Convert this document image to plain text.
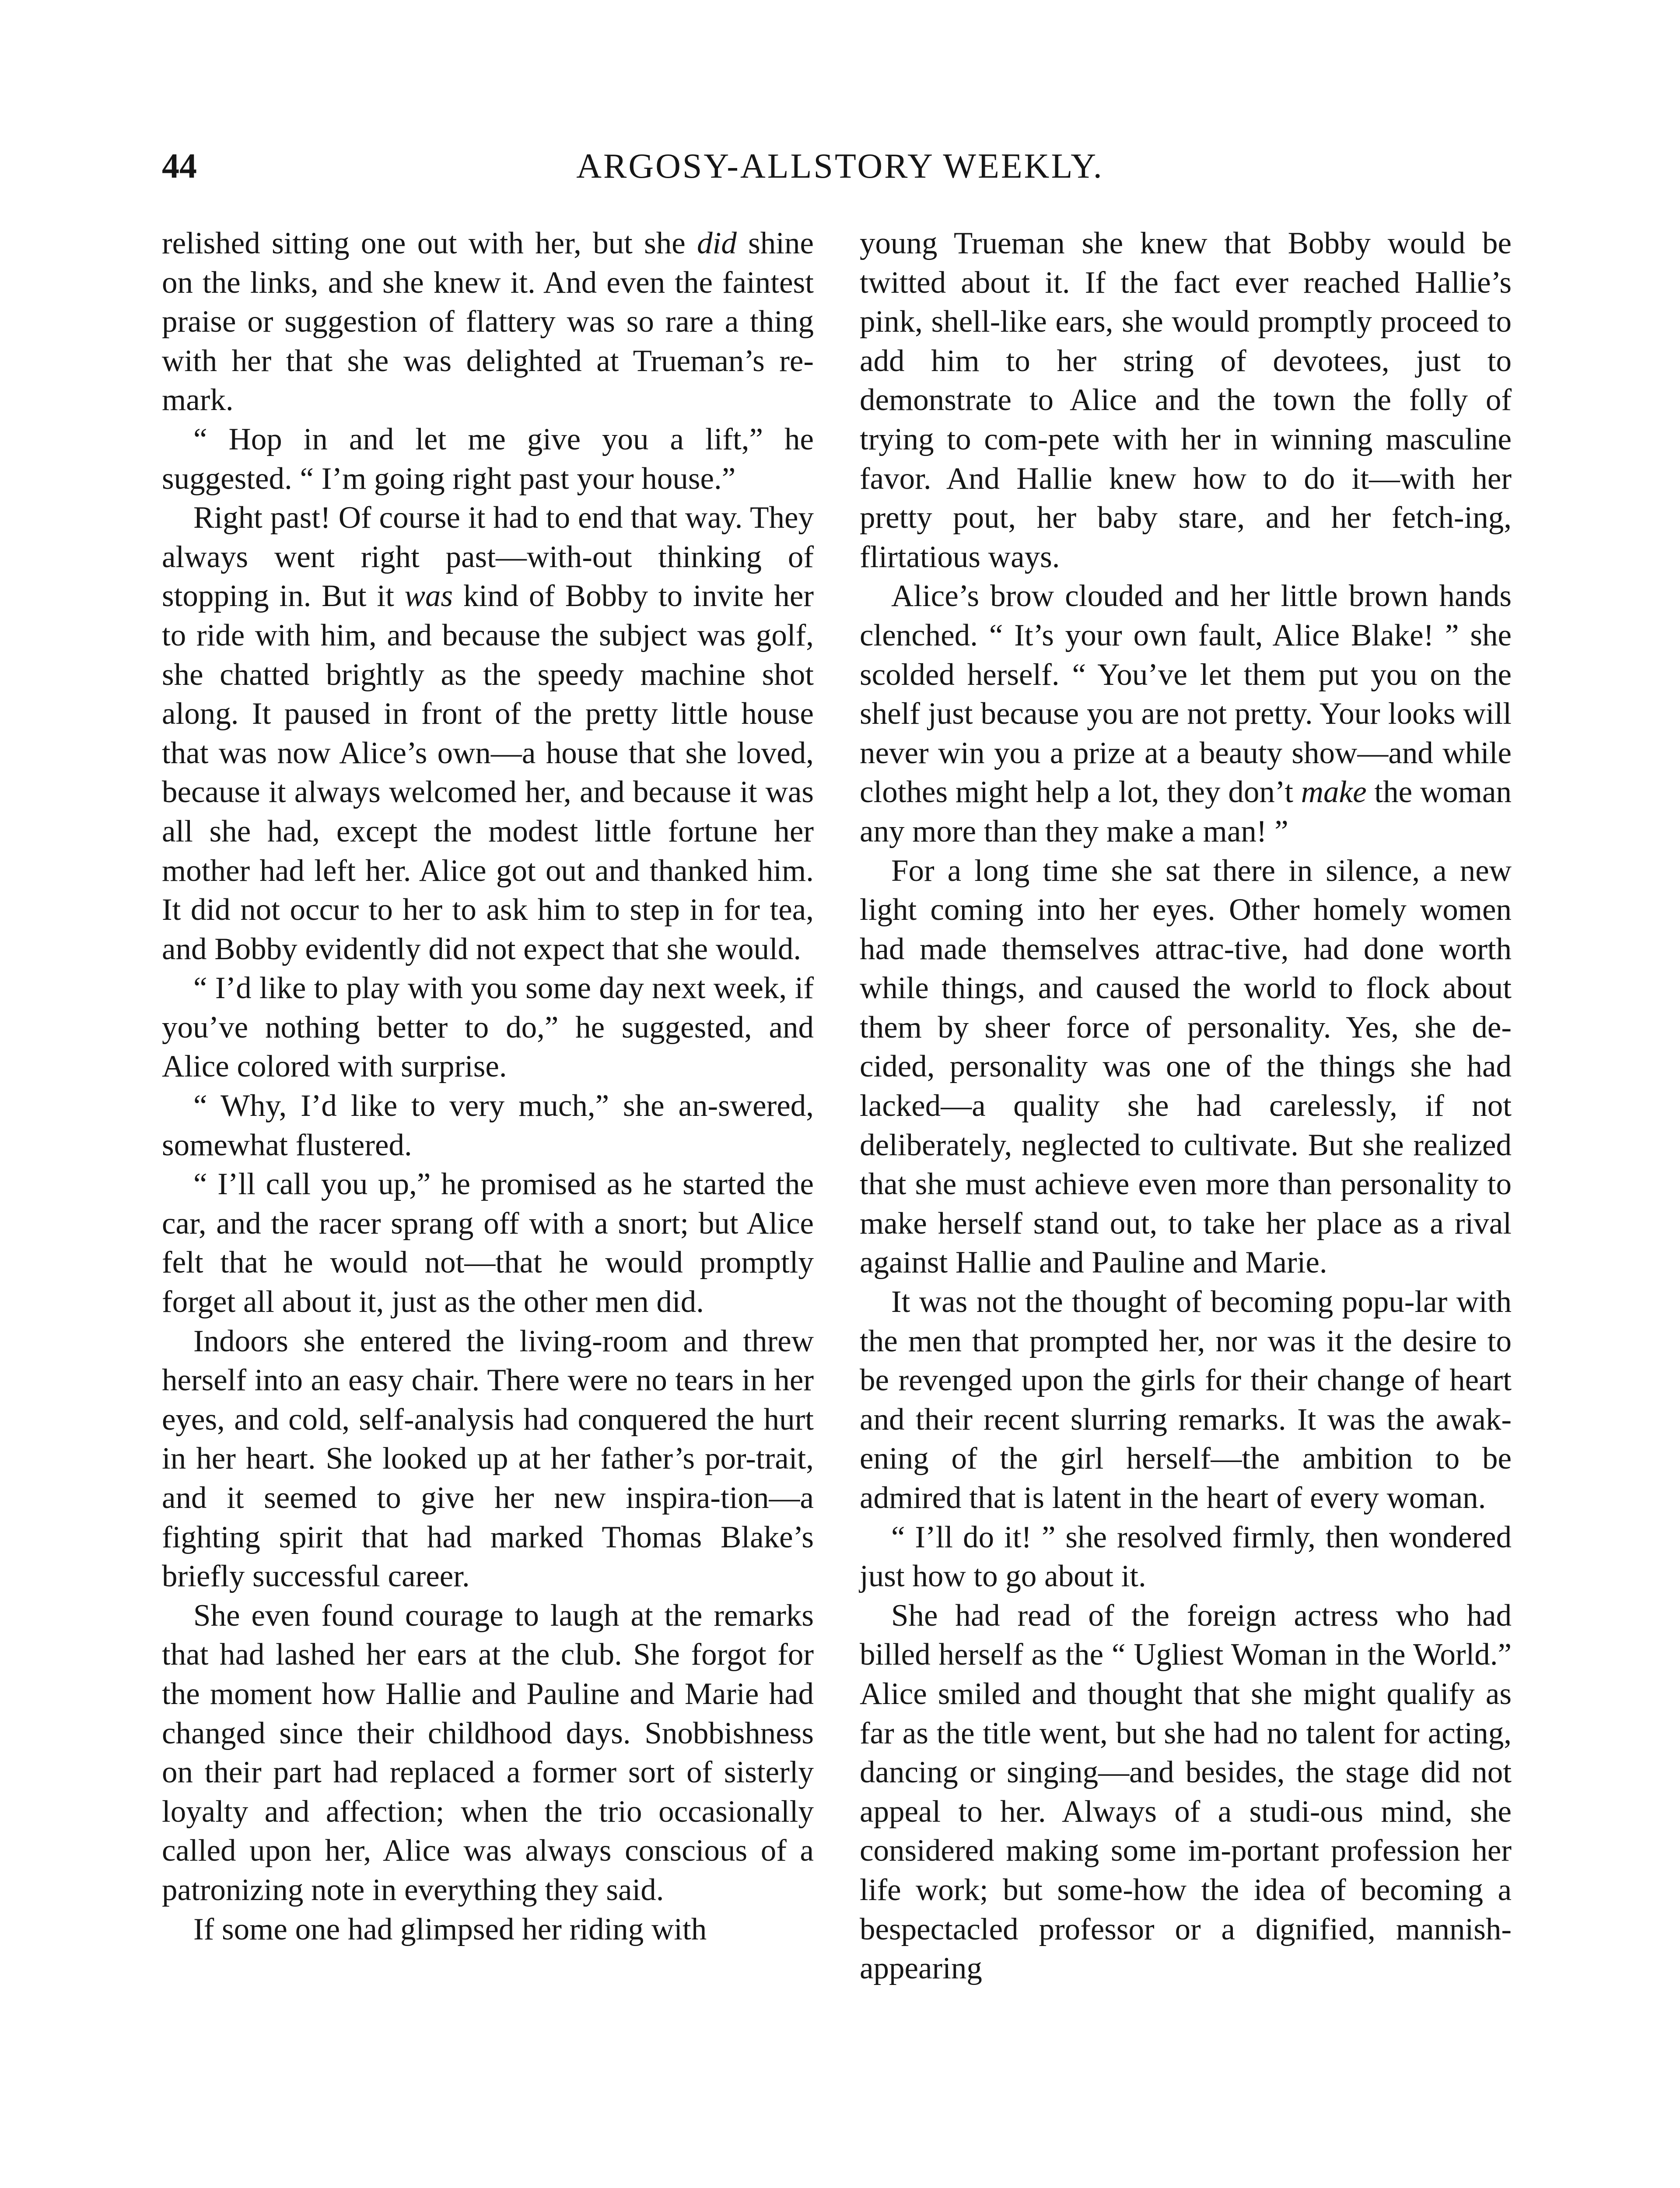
44	ARGOSY-ALLSTORY WEEKLY.

relished sitting one out with her, but she did shine on the links, and she knew it. And even the faintest praise or suggestion of flattery was so rare a thing with her that she was delighted at Trueman’s re-mark.

“ Hop in and let me give you a lift,” he suggested. “ I’m going right past your house.”

Right past! Of course it had to end that way. They always went right past—with-out thinking of stopping in. But it was kind of Bobby to invite her to ride with him, and because the subject was golf, she chatted brightly as the speedy machine shot along. It paused in front of the pretty little house that was now Alice’s own—a house that she loved, because it always welcomed her, and because it was all she had, except the modest little fortune her mother had left her. Alice got out and thanked him. It did not occur to her to ask him to step in for tea, and Bobby evidently did not expect that she would.

“ I’d like to play with you some day next week, if you’ve nothing better to do,” he suggested, and Alice colored with surprise.

“ Why, I’d like to very much,” she an-swered, somewhat flustered.

“ I’ll call you up,” he promised as he started the car, and the racer sprang off with a snort; but Alice felt that he would not—that he would promptly forget all about it, just as the other men did.

Indoors she entered the living-room and threw herself into an easy chair. There were no tears in her eyes, and cold, self-analysis had conquered the hurt in her heart. She looked up at her father’s por-trait, and it seemed to give her new inspira-tion—a fighting spirit that had marked Thomas Blake’s briefly successful career.

She even found courage to laugh at the remarks that had lashed her ears at the club. She forgot for the moment how Hallie and Pauline and Marie had changed since their childhood days. Snobbishness on their part had replaced a former sort of sisterly loyalty and affection; when the trio occasionally called upon her, Alice was always conscious of a patronizing note in everything they said.

If some one had glimpsed her riding with

young Trueman she knew that Bobby would be twitted about it. If the fact ever reached Hallie’s pink, shell-like ears, she would promptly proceed to add him to her string of devotees, just to demonstrate to Alice and the town the folly of trying to com-pete with her in winning masculine favor. And Hallie knew how to do it—with her pretty pout, her baby stare, and her fetch-ing, flirtatious ways.

Alice’s brow clouded and her little brown hands clenched. “ It’s your own fault, Alice Blake! ” she scolded herself. “ You’ve let them put you on the shelf just because you are not pretty. Your looks will never win you a prize at a beauty show—and while clothes might help a lot, they don’t make the woman any more than they make a man! ”

For a long time she sat there in silence, a new light coming into her eyes. Other homely women had made themselves attrac-tive, had done worth while things, and caused the world to flock about them by sheer force of personality. Yes, she de-cided, personality was one of the things she had lacked—a quality she had carelessly, if not deliberately, neglected to cultivate. But she realized that she must achieve even more than personality to make herself stand out, to take her place as a rival against Hallie and Pauline and Marie.

It was not the thought of becoming popu-lar with the men that prompted her, nor was it the desire to be revenged upon the girls for their change of heart and their recent slurring remarks. It was the awak-ening of the girl herself—the ambition to be admired that is latent in the heart of every woman.

“ I’ll do it! ” she resolved firmly, then wondered just how to go about it.

She had read of the foreign actress who had billed herself as the “ Ugliest Woman in the World.” Alice smiled and thought that she might qualify as far as the title went, but she had no talent for acting, dancing or singing—and besides, the stage did not appeal to her. Always of a studi-ous mind, she considered making some im-portant profession her life work; but some-how the idea of becoming a bespectacled professor or a dignified, mannish-appearing
